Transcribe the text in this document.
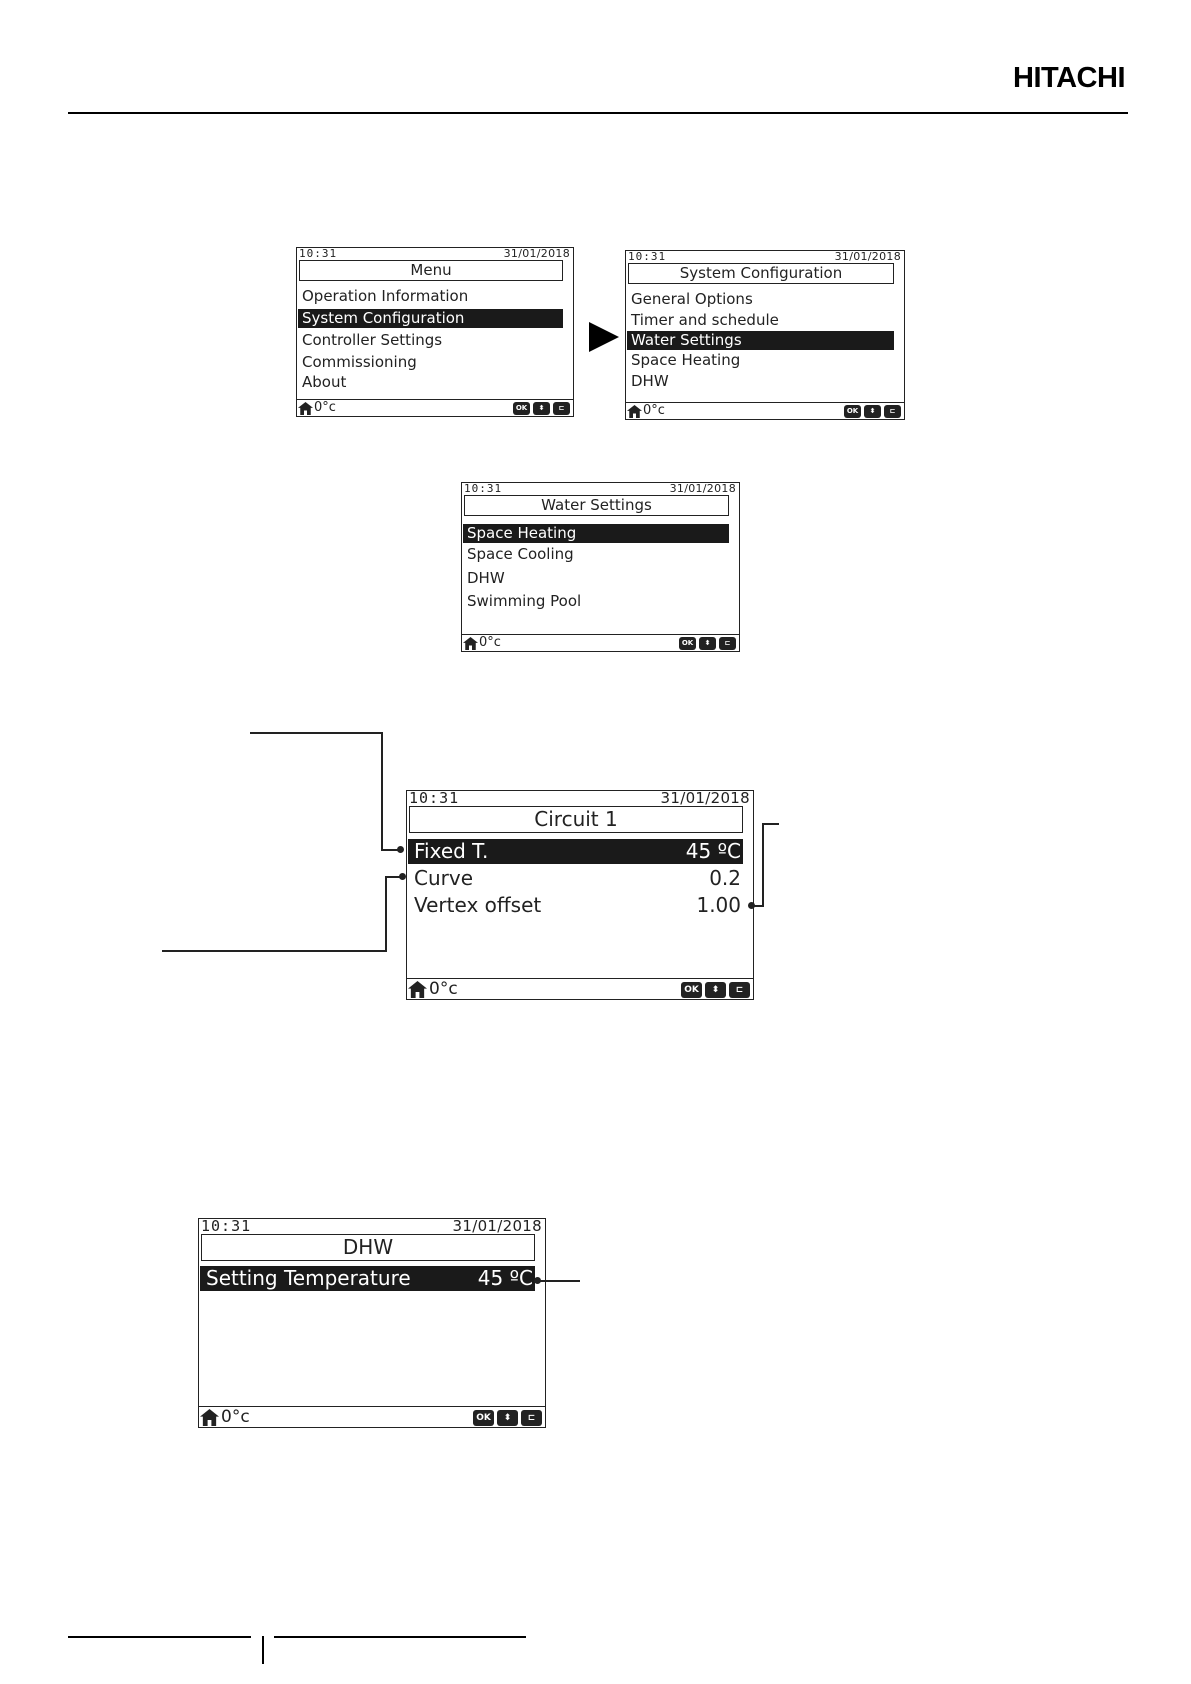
HITACHI
10:31	31/01/2018
Menu
Operation Information
System Configuration
Controller Settings
Commissioning
About
0°c	OK	⬍	⊏
10:31	31/01/2018
System Configuration
General Options
Timer and schedule
Water Settings
Space Heating
DHW
0°c	OK	⬍	⊏
10:31	31/01/2018
Water Settings
Space Heating
Space Cooling
DHW
Swimming Pool
0°c	OK	⬍	⊏
10:31	31/01/2018
Circuit 1
Fixed T.	45 ºC
Curve	0.2
Vertex offset	1.00
0°c	OK	⬍	⊏
10:31	31/01/2018
DHW
Setting Temperature	45 ºC
0°c	OK	⬍	⊏
